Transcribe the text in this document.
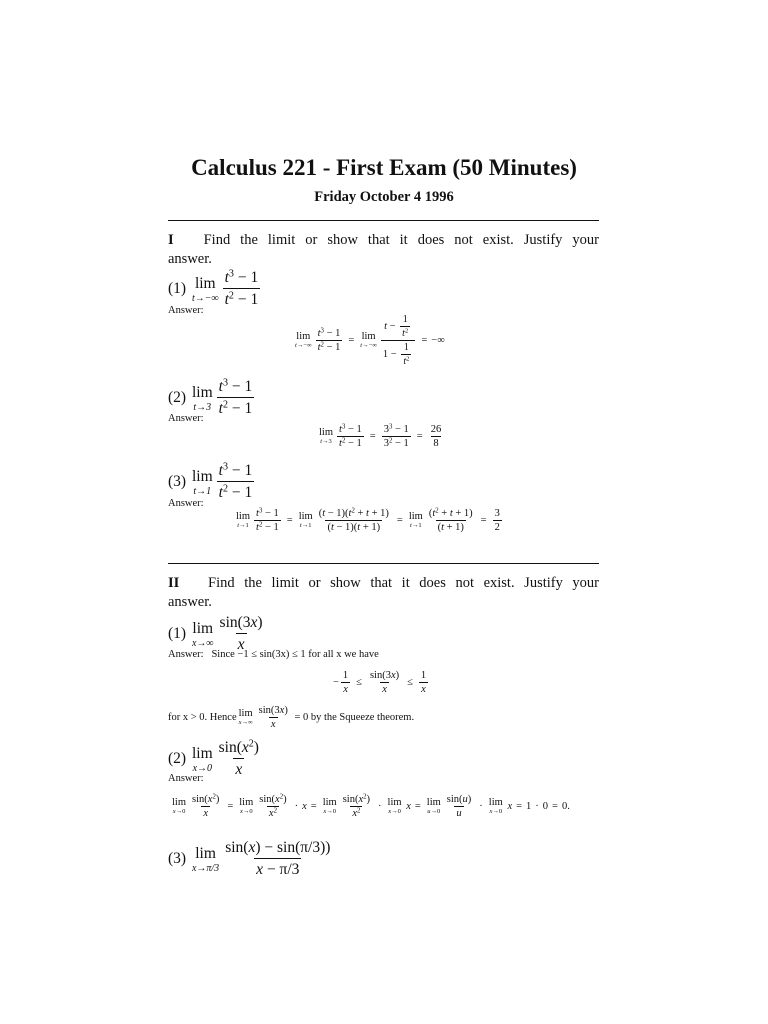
Calculus 221 - First Exam (50 Minutes)
Friday October 4 1996
I Find the limit or show that it does not exist. Justify your
answer.
(1)
lim
$t\to-\infty \frac{t^3 - 1}{t^2 - 1}$
Answer:
lim
$t\to-\infty \frac{t^3 - 1}{t^2 - 1} = \lim$
$t\to-\infty \frac{t - \frac{1}{t^2}}{1 - \frac{1}{t^2}}$ = −∞
(2)
lim
$t\to 3 \frac{t^3 - 1}{t^2 - 1}$
Answer:
lim
$t\to 3 \frac{t^3 - 1}{t^2 - 1} = \frac{3^3 - 1}{3^2 - 1} = \frac{26}{8}$
(3)
lim
$t\to 1 \frac{t^3 - 1}{t^2 - 1}$
Answer:
lim
$t\to 1 \frac{t^3 - 1}{t^2 - 1} = \lim$
$t\to 1 \frac{(t - 1)(t^2 + t + 1)}{(t - 1)(t + 1)} = \lim$
$t\to 1 \frac{(t^2 + t + 1)}{(t + 1)} = \frac{3}{2}$
II Find the limit or show that it does not exist. Justify your
answer.
(1)
lim
$x\to\infty \frac{\sin(3x)}{x}$
Answer: Since −1 ≤ sin(3x) ≤ 1 for all x we have
− $\frac{1}{x} \le \frac{\sin(3x)}{x} \le \frac{1}{x}$
for x > 0. Hence lim
$x\to\infty \frac{\sin(3x)}{x}$
= 0 by the Squeeze theorem.
(2)
lim
$x\to 0 \frac{\sin(x^2)}{x}$
Answer:
lim
$x\to 0 \frac{\sin(x^2)}{x} = \lim$
$x\to 0 \frac{\sin(x^2)}{x^2} \cdot x = \lim$
$x\to 0 \frac{\sin(x^2)}{x^2} \cdot \lim$
x→0
x = lim
$u\to 0 \frac{\sin(u)}{u} \cdot \lim$
x→0
x = 1 · 0 = 0.
(3)
lim
$x\to\pi/3 \frac{\sin(x) - \sin(\pi/3))}{x - \pi/3}$
